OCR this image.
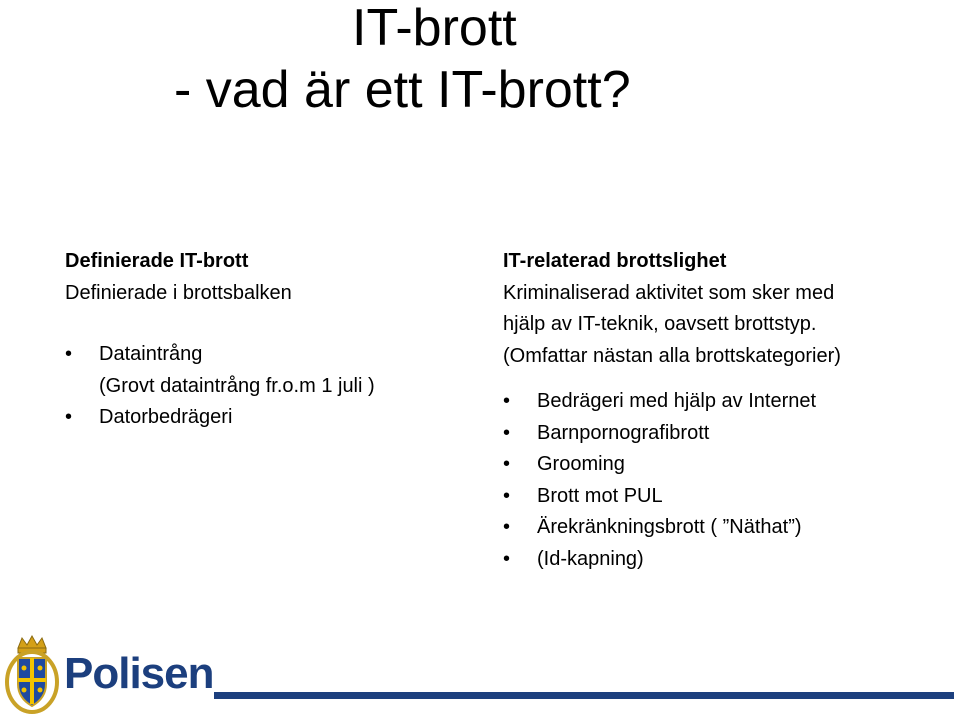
IT-brott
- vad är ett IT-brott?
Definierade IT-brott
Definierade i brottsbalken
• Dataintrång
(Grovt dataintrång fr.o.m 1 juli )
• Datorbedrägeri
IT-relaterad brottslighet
Kriminaliserad aktivitet som sker med
hjälp av IT-teknik, oavsett brottstyp.
(Omfattar nästan alla brottskategorier)
• Bedrägeri med hjälp av Internet
• Barnpornografibrott
• Grooming
• Brott mot PUL
• Ärekränkningsbrott ( ”Näthat”)
• (Id-kapning)
Polisen
